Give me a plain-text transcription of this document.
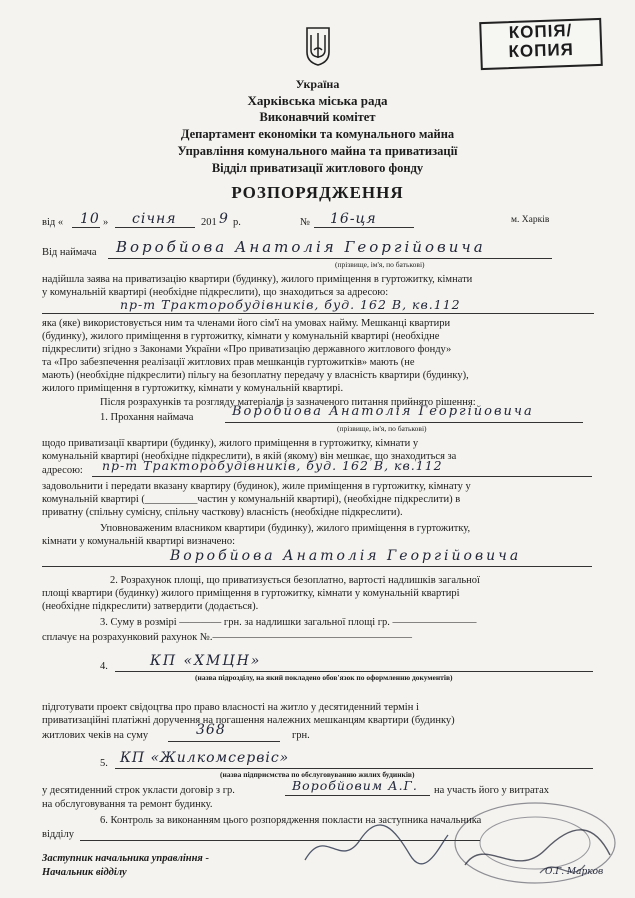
КОПІЯ/
КОПИЯ
Україна
Харківська міська рада
Виконавчий комітет
Департамент економіки та комунального майна
Управління комунального майна та приватизації
Відділ приватизації житлового фонду
РОЗПОРЯДЖЕННЯ
від « 10 » січня 201 9 р.	№ 16-ця	м. Харків
Від наймача Воробйова Анатолія Георгійовича
(прізвище, ім'я, по батькові)
надійшла заява на приватизацію квартири (будинку), жилого приміщення в гуртожитку, кімнати
у комунальній квартирі (необхідне підкреслити), що знаходиться за адресою:
пр-т Тракторобудівників, буд. 162 В, кв.112
яка (яке) використовується ним та членами його сім'ї на умовах найму. Мешканці квартири
(будинку), жилого приміщення в гуртожитку, кімнати у комунальній квартирі (необхідне
підкреслити) згідно з Законами України «Про приватизацію державного житлового фонду»
та «Про забезпечення реалізації житлових прав мешканців гуртожитків» мають (не
мають) (необхідне підкреслити) пільгу на безоплатну передачу у власність квартири (будинку),
жилого приміщення в гуртожитку, кімнати у комунальній квартирі.
Після розрахунків та розгляду матеріалів із зазначеного питання прийнято рішення:
1. Прохання наймача	Воробйова Анатолія Георгійовича
(прізвище, ім'я, по батькові)
щодо приватизації квартири (будинку), жилого приміщення в гуртожитку, кімнати у
комунальній квартирі (необхідне підкреслити), в якій (якому) він мешкає, що знаходиться за
адресою: пр-т Тракторобудівників, буд. 162 В, кв.112
задовольнити і передати вказану квартиру (будинок), жиле приміщення в гуртожитку, кімнату у
комунальній квартирі (__________частин у комунальній квартирі), (необхідне підкреслити) в
приватну (спільну сумісну, спільну часткову) власність (необхідне підкреслити).
Уповноваженим власником квартири (будинку), жилого приміщення в гуртожитку,
кімнати у комунальній квартирі визначено:
Воробйова Анатолія Георгійовича
2. Розрахунок площі, що приватизується безоплатно, вартості надлишків загальної
площі квартири (будинку) жилого приміщення в гуртожитку, кімнати у комунальній квартирі
(необхідне підкреслити) затвердити (додається).
3. Суму в розмірі ———— грн. за надлишки загальної площі гр. ————————
сплачує на розрахунковий рахунок №.———————————————————
4.	КП «ХМЦН»
(назва підрозділу, на який покладено обов'язок по оформленню документів)
підготувати проект свідоцтва про право власності на житло у десятиденний термін і
приватизаційні платіжні доручення на погашення належних мешканцям квартири (будинку)
житлових чеків на суму	368	грн.
5. КП «Жилкомсервіс»
(назва підприємства по обслуговуванню жилих будинків)
у десятиденний строк укласти договір з гр.	Воробйовим А.Г. на участь його у витратах
на обслуговування та ремонт будинку.
6. Контроль за виконанням цього розпорядження покласти на заступника начальника
відділу
Заступник начальника управління -
Начальник відділу	О.Г. Марков
